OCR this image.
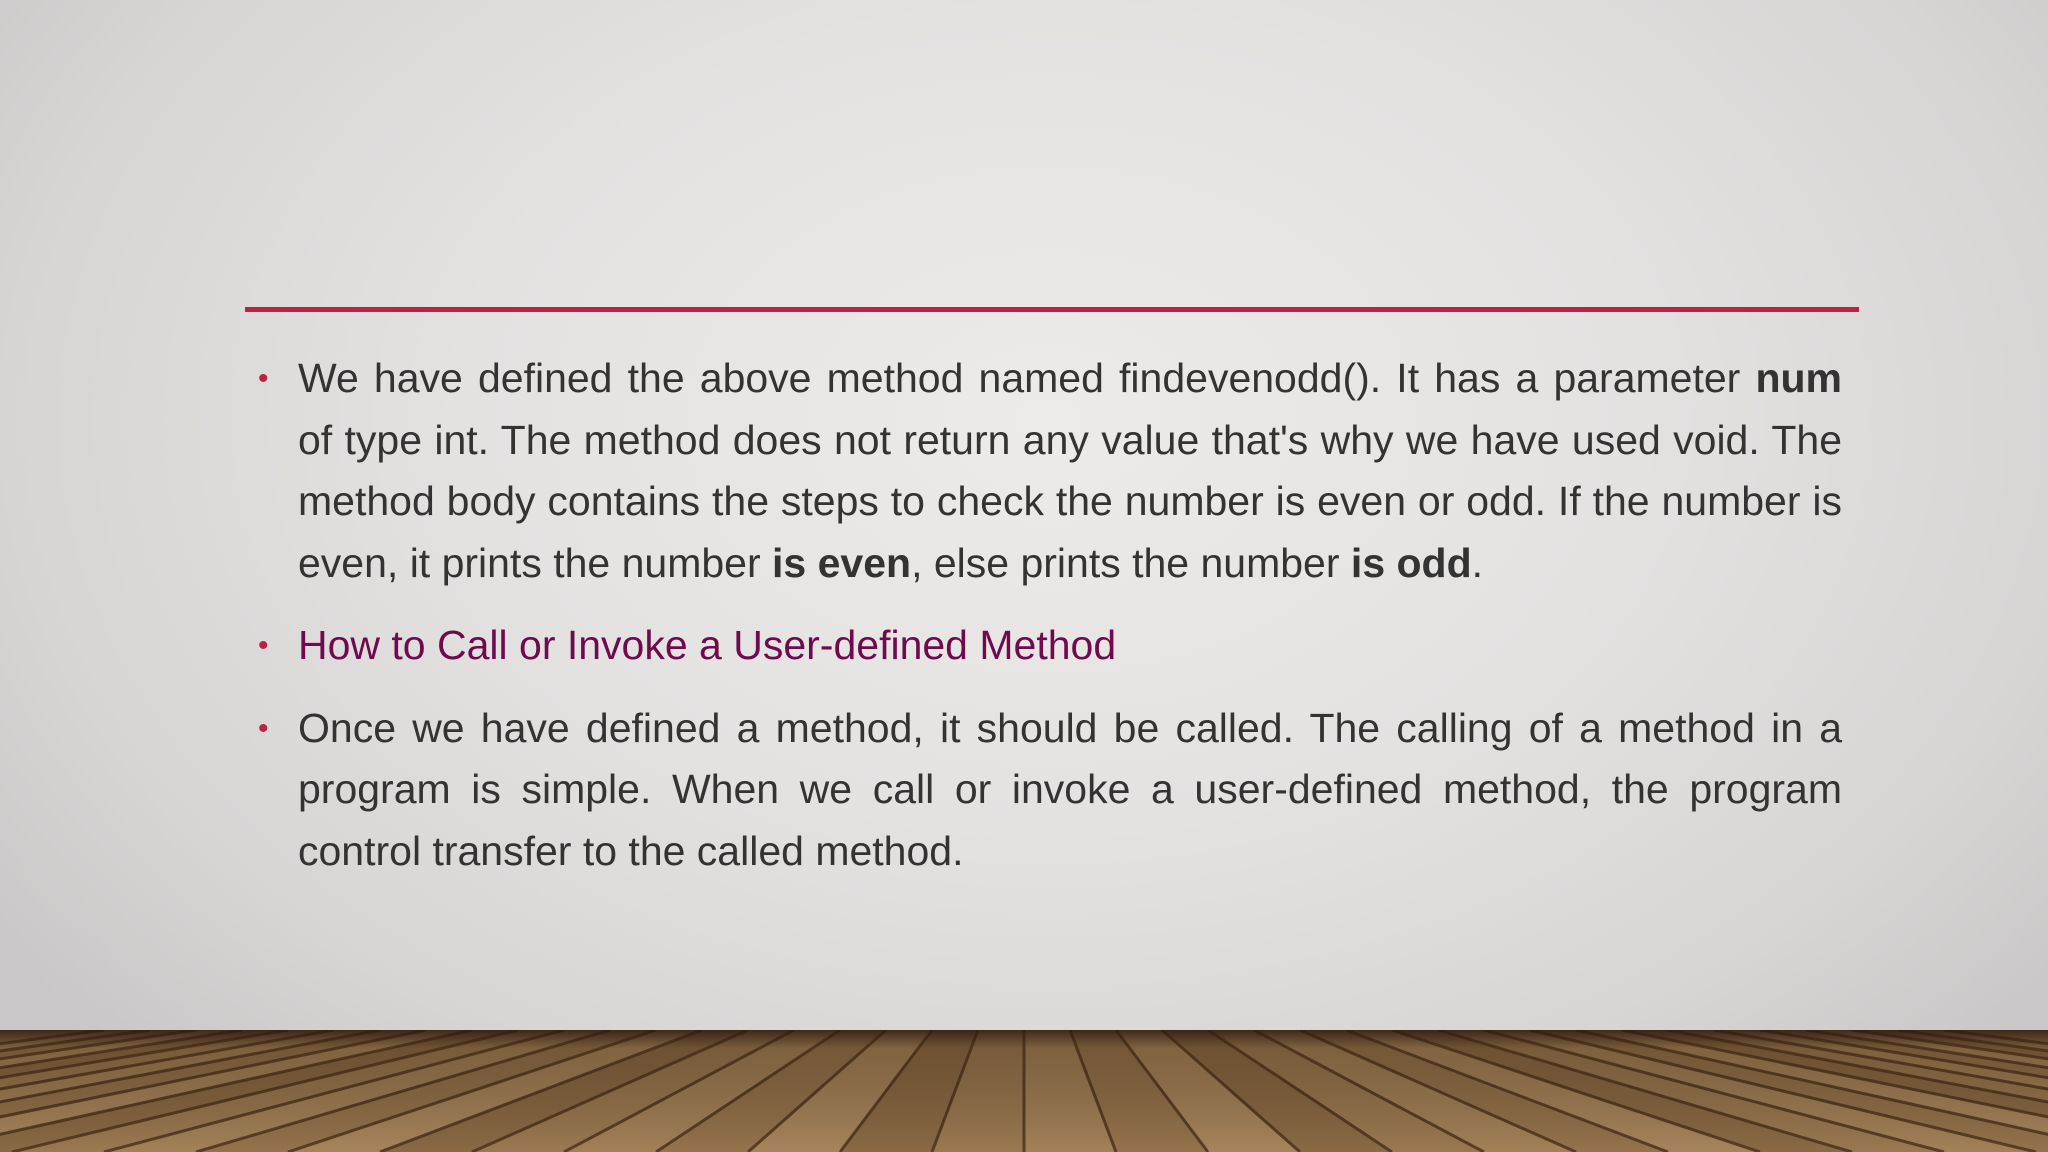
• We have defined the above method named findevenodd(). It has a parameter num of type int. The method does not return any value that's why we have used void. The method body contains the steps to check the number is even or odd. If the number is even, it prints the number is even, else prints the number is odd.
• How to Call or Invoke a User-defined Method
• Once we have defined a method, it should be called. The calling of a method in a program is simple. When we call or invoke a user-defined method, the program control transfer to the called method.
